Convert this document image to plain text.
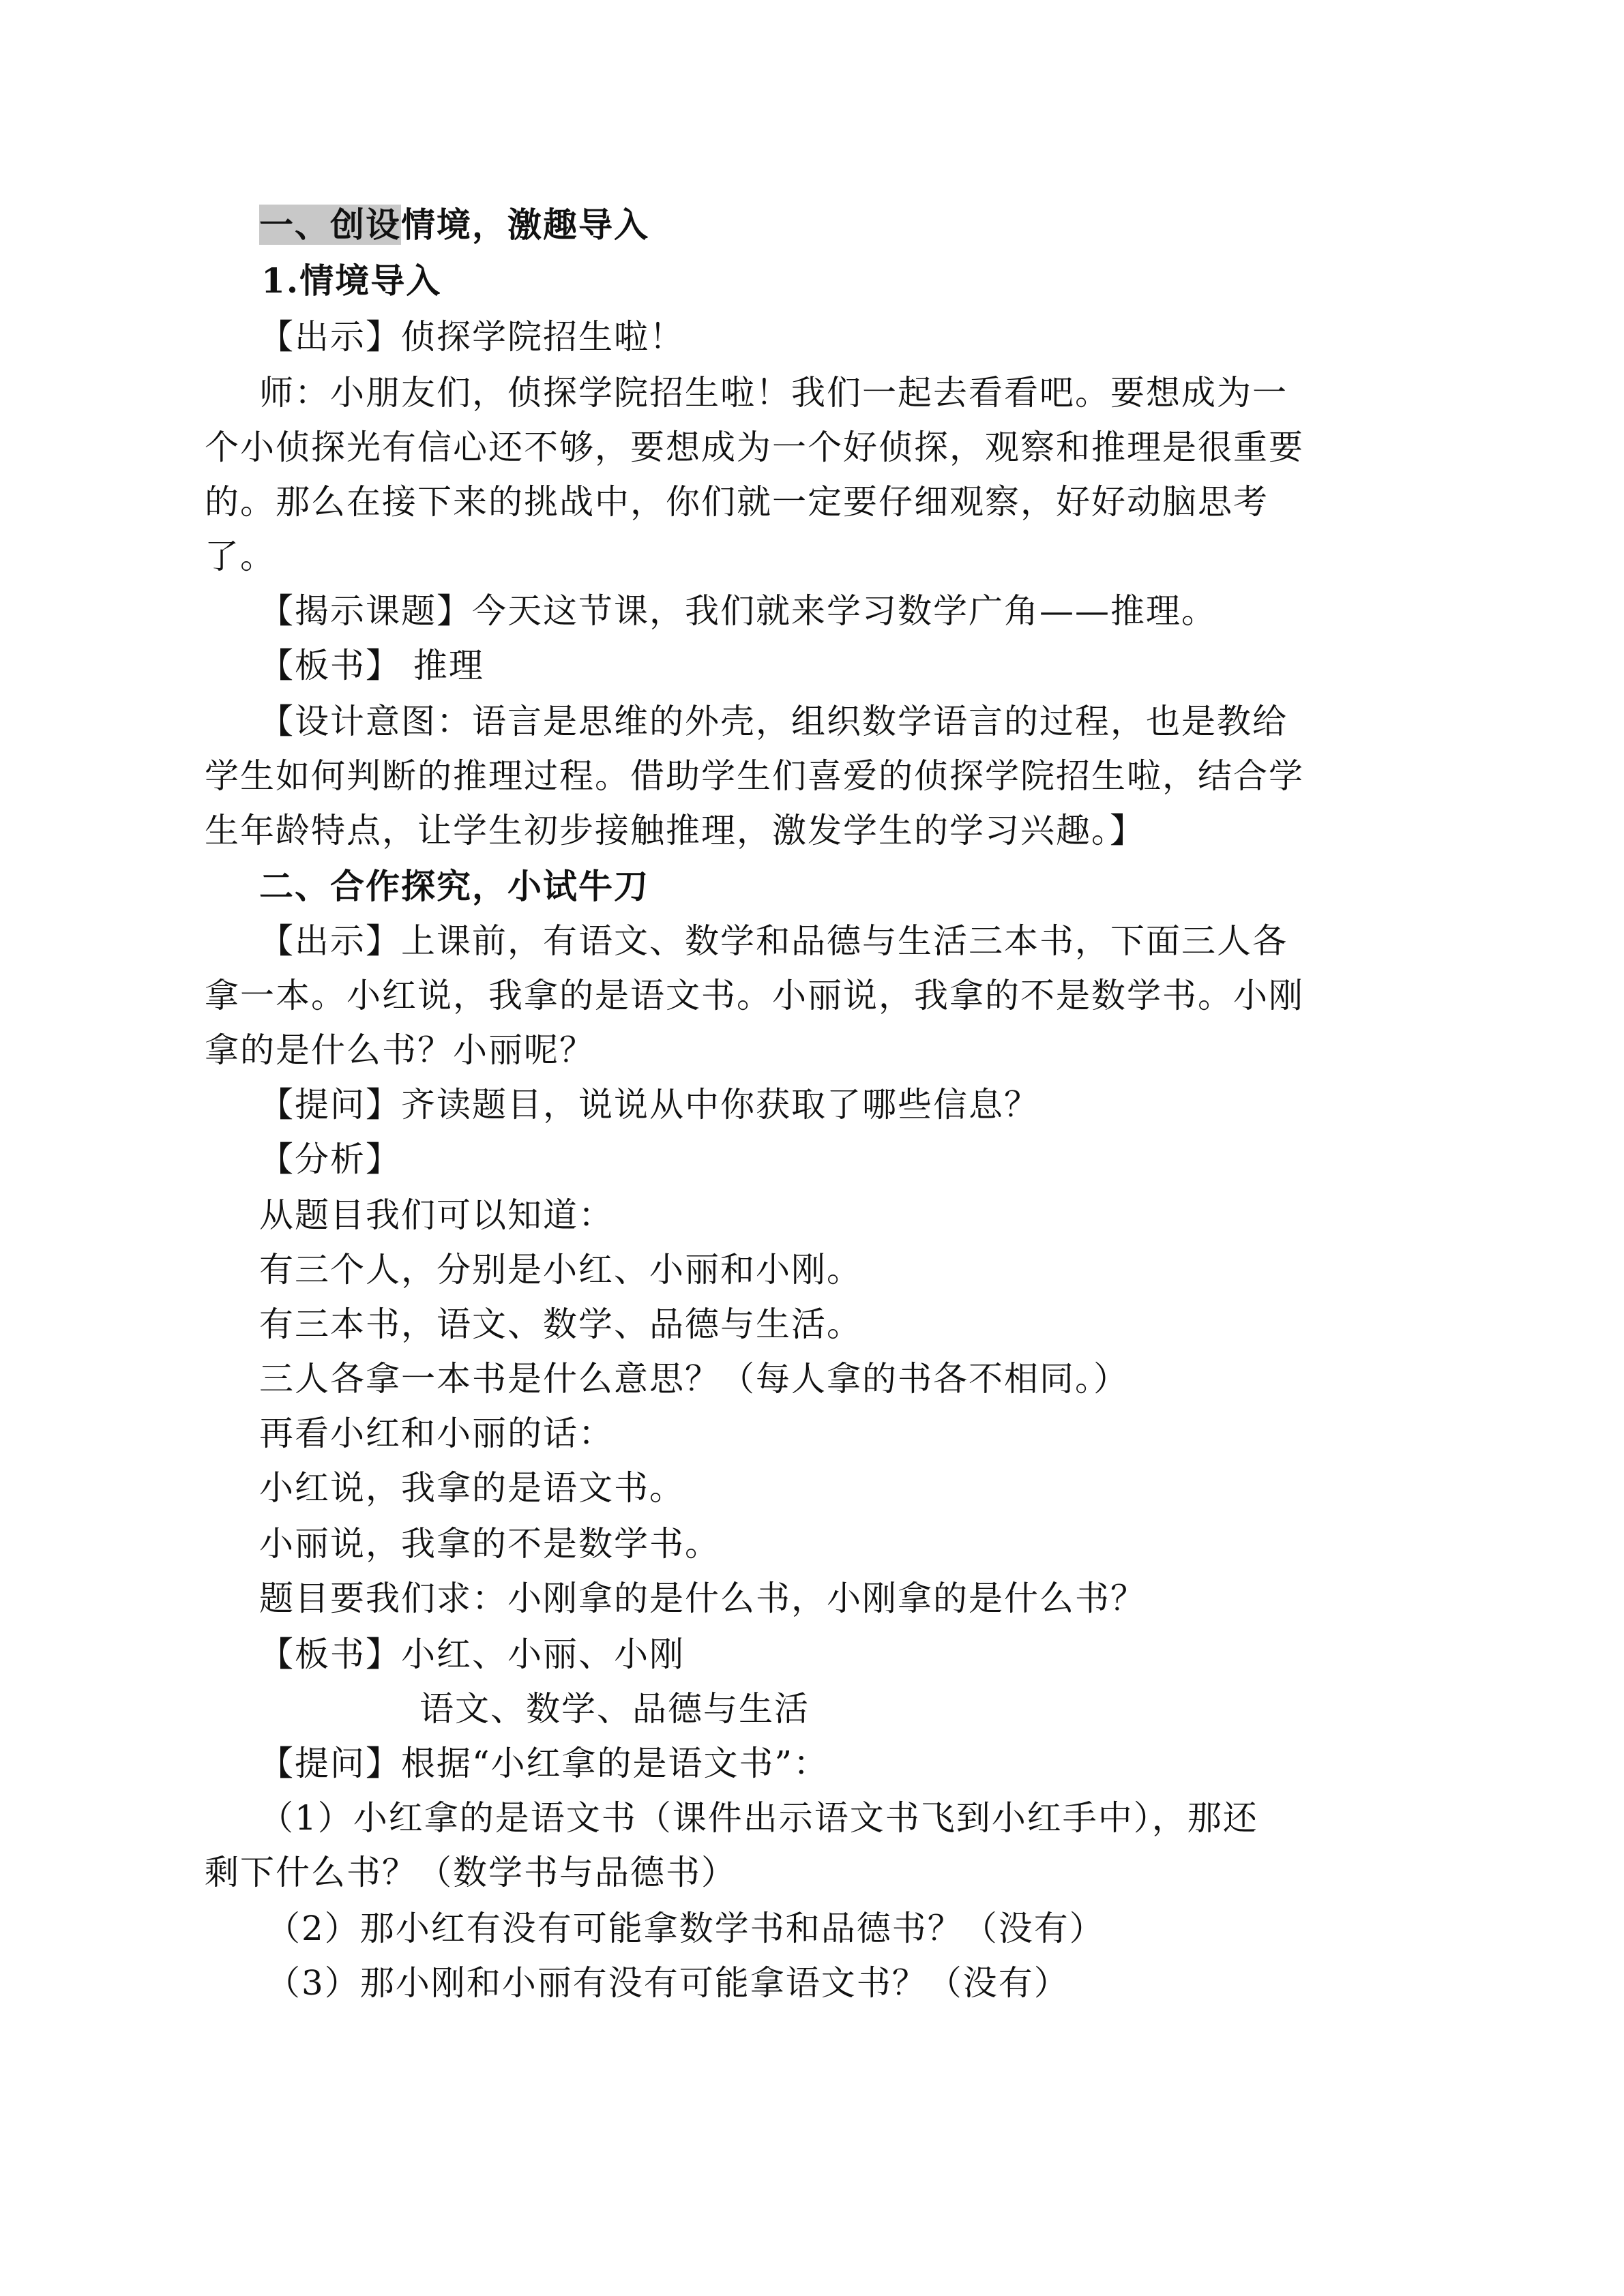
一、创设情境，激趣导入
1.情境导入
【出示】侦探学院招生啦！
师：小朋友们，侦探学院招生啦！我们一起去看看吧。要想成为一
个小侦探光有信心还不够，要想成为一个好侦探，观察和推理是很重要
的。那么在接下来的挑战中，你们就一定要仔细观察，好好动脑思考
了。
【揭示课题】今天这节课，我们就来学习数学广角——推理。
【板书】 推理
【设计意图：语言是思维的外壳，组织数学语言的过程，也是教给
学生如何判断的推理过程。借助学生们喜爱的侦探学院招生啦，结合学
生年龄特点，让学生初步接触推理，激发学生的学习兴趣。】
二、合作探究，小试牛刀
【出示】上课前，有语文、数学和品德与生活三本书，下面三人各
拿一本。小红说，我拿的是语文书。小丽说，我拿的不是数学书。小刚
拿的是什么书？小丽呢？
【提问】齐读题目，说说从中你获取了哪些信息？
【分析】
从题目我们可以知道：
有三个人，分别是小红、小丽和小刚。
有三本书，语文、数学、品德与生活。
三人各拿一本书是什么意思？（每人拿的书各不相同。）
再看小红和小丽的话：
小红说，我拿的是语文书。
小丽说，我拿的不是数学书。
题目要我们求：小刚拿的是什么书，小刚拿的是什么书？
【板书】小红、小丽、小刚
语文、数学、品德与生活
【提问】根据“小红拿的是语文书”：
（1）小红拿的是语文书（课件出示语文书飞到小红手中），那还
剩下什么书？（数学书与品德书）
（2）那小红有没有可能拿数学书和品德书？（没有）
（3）那小刚和小丽有没有可能拿语文书？（没有）
